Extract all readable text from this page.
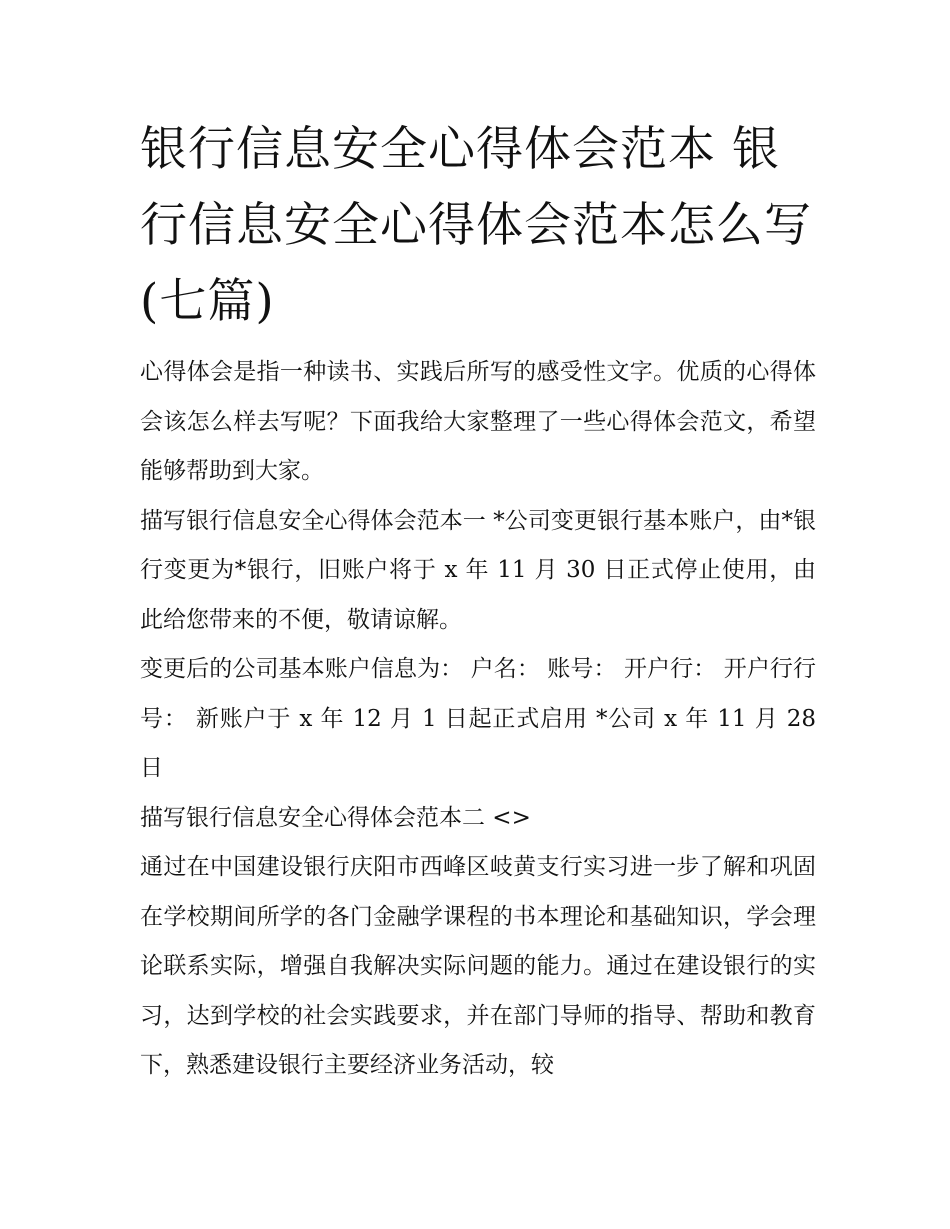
银行信息安全心得体会范本 银行信息安全心得体会范本怎么写(七篇)

心得体会是指一种读书、实践后所写的感受性文字。优质的心得体会该怎么样去写呢？下面我给大家整理了一些心得体会范文，希望能够帮助到大家。

描写银行信息安全心得体会范本一 *公司变更银行基本账户，由*银行变更为*银行，旧账户将于 x 年 11 月 30 日正式停止使用，由此给您带来的不便，敬请谅解。

变更后的公司基本账户信息为： 户名： 账号： 开户行： 开户行行号： 新账户于 x 年 12 月 1 日起正式启用 *公司 x 年 11 月 28 日

描写银行信息安全心得体会范本二 <>

通过在中国建设银行庆阳市西峰区岐黄支行实习进一步了解和巩固在学校期间所学的各门金融学课程的书本理论和基础知识，学会理论联系实际，增强自我解决实际问题的能力。通过在建设银行的实习，达到学校的社会实践要求，并在部门导师的指导、帮助和教育下，熟悉建设银行主要经济业务活动，较
